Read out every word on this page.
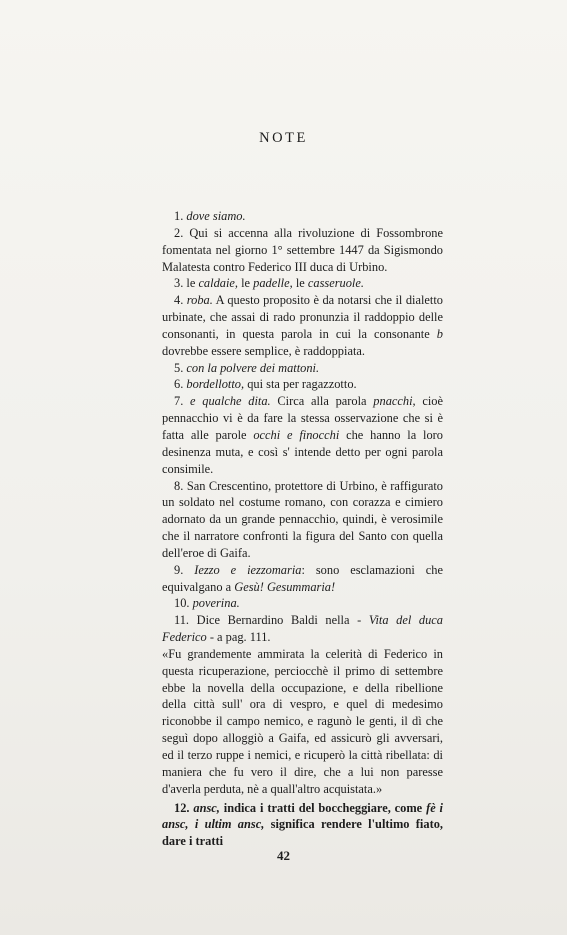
NOTE

1. dove siamo.

2. Qui si accenna alla rivoluzione di Fossombrone fomentata nel giorno 1° settembre 1447 da Sigismondo Malatesta contro Federico III duca di Urbino.

3. le caldaie, le padelle, le casseruole.

4. roba. A questo proposito è da notarsi che il dialetto urbinate, che assai di rado pronunzia il raddoppio delle consonanti, in questa parola in cui la consonante b dovrebbe essere semplice, è raddoppiata.

5. con la polvere dei mattoni.

6. bordellotto, qui sta per ragazzotto.

7. e qualche dita. Circa alla parola pnacchi, cioè pennacchio vi è da fare la stessa osservazione che si è fatta alle parole occhi e finocchi che hanno la loro desinenza muta, e così s' intende detto per ogni parola consimile.

8. San Crescentino, protettore di Urbino, è raffigurato un soldato nel costume romano, con corazza e cimiero adornato da un grande pennacchio, quindi, è verosimile che il narratore confronti la figura del Santo con quella dell'eroe di Gaifa.

9. Iezzo e iezzomaria: sono esclamazioni che equivalgano a Gesù! Gesummaria!

10. poverina.

11. Dice Bernardino Baldi nella - Vita del duca Federico - a pag. 111.

«Fu grandemente ammirata la celerità di Federico in questa ricuperazione, perciocchè il primo di settembre ebbe la novella della occupazione, e della ribellione della città sull' ora di vespro, e quel di medesimo riconobbe il campo nemico, e ragunò le genti, il dì che seguì dopo alloggiò a Gaifa, ed assicurò gli avversari, ed il terzo ruppe i nemici, e ricuperò la città ribellata: di maniera che fu vero il dire, che a lui non paresse d'averla perduta, nè a quall'altro acquistata.»

12. ansc, indica i tratti del boccheggiare, come fè i ansc, i ultim ansc, significa rendere l'ultimo fiato, dare i tratti

42
